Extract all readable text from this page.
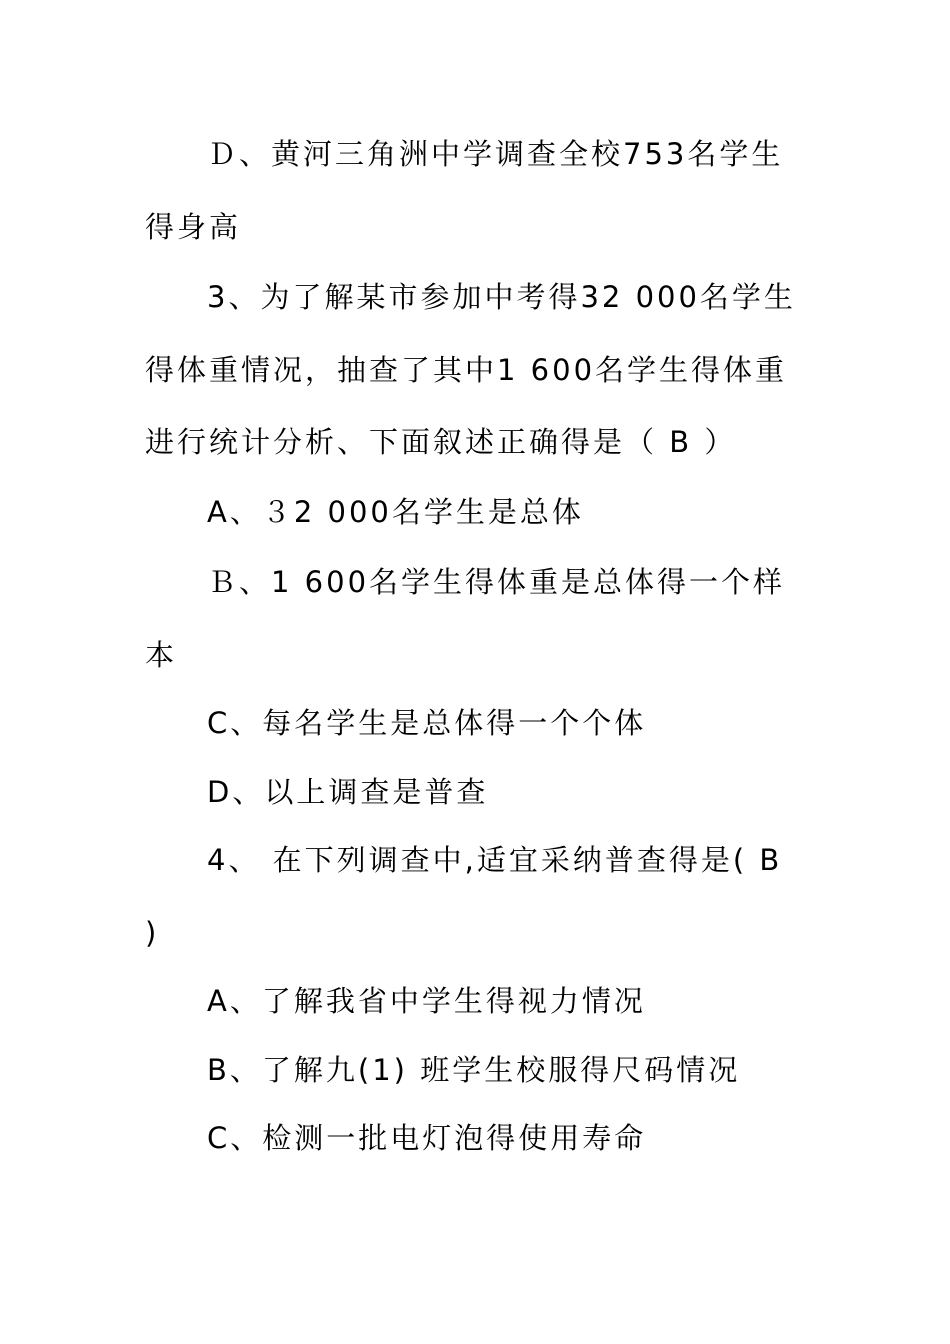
Ｄ、黄河三角洲中学调查全校753名学生
得身高
3、为了解某市参加中考得32 000名学生
得体重情况，抽查了其中1 600名学生得体重
进行统计分析、下面叙述正确得是（ B ）
A、３2 000名学生是总体
Ｂ、1 600名学生得体重是总体得一个样
本
C、每名学生是总体得一个个体
D、以上调查是普查
4、 在下列调查中,适宜采纳普查得是( B
)
A、了解我省中学生得视力情况
B、了解九(1) 班学生校服得尺码情况
C、检测一批电灯泡得使用寿命
